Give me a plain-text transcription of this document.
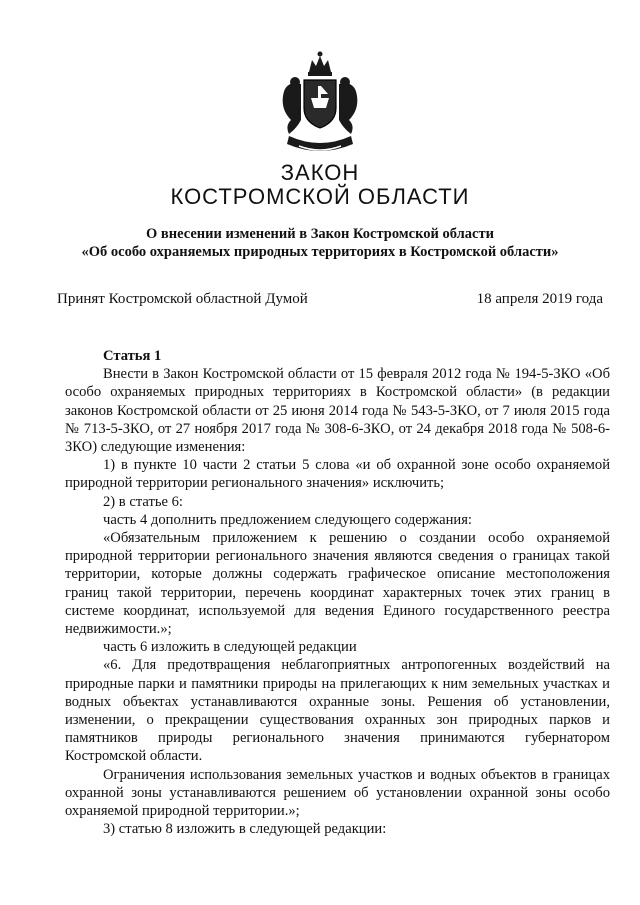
ЗАКОН
КОСТРОМСКОЙ ОБЛАСТИ
О внесении изменений в Закон Костромской области
«Об особо охраняемых природных территориях в Костромской области»
Принят Костромской областной Думой	18 апреля 2019 года

Статья 1

Внести в Закон Костромской области от 15 февраля 2012 года № 194-5-ЗКО «Об особо охраняемых природных территориях в Костромской области» (в редакции законов Костромской области от 25 июня 2014 года № 543-5-ЗКО, от 7 июля 2015 года № 713-5-ЗКО, от 27 ноября 2017 года № 308-6-ЗКО, от 24 декабря 2018 года № 508-6-ЗКО) следующие изменения:

1) в пункте 10 части 2 статьи 5 слова «и об охранной зоне особо охраняемой природной территории регионального значения» исключить;

2) в статье 6:

часть 4 дополнить предложением следующего содержания:

«Обязательным приложением к решению о создании особо охраняемой природной территории регионального значения являются сведения о границах такой территории, которые должны содержать графическое описание местоположения границ такой территории, перечень координат характерных точек этих границ в системе координат, используемой для ведения Единого государственного реестра недвижимости.»;

часть 6 изложить в следующей редакции

«6. Для предотвращения неблагоприятных антропогенных воздействий на природные парки и памятники природы на прилегающих к ним земельных участках и водных объектах устанавливаются охранные зоны. Решения об установлении, изменении, о прекращении существования охранных зон природных парков и памятников природы регионального значения принимаются губернатором Костромской области.

Ограничения использования земельных участков и водных объектов в границах охранной зоны устанавливаются решением об установлении охранной зоны особо охраняемой природной территории.»;

3) статью 8 изложить в следующей редакции:
